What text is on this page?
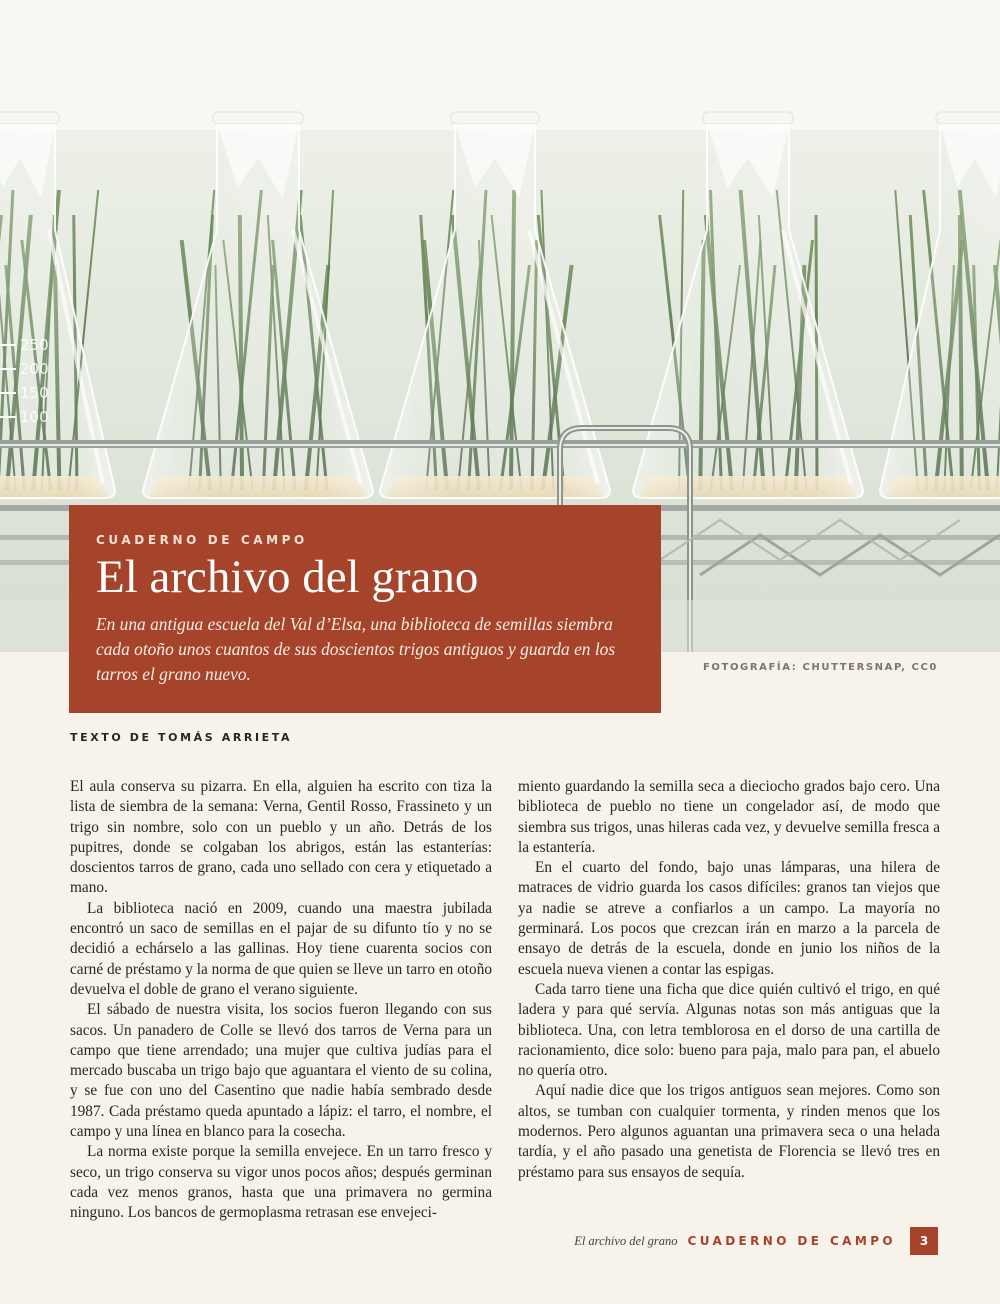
250
200
150
100
FOTOGRAFÍA: CHUTTERSNAP, CC0
CUADERNO DE CAMPO
El archivo del grano
En una antigua escuela del Val d’Elsa, una biblioteca de semillas siembra cada otoño unos cuantos de sus doscientos trigos antiguos y guarda en los tarros el grano nuevo.
TEXTO DE TOMÁS ARRIETA

El aula conserva su pizarra. En ella, alguien ha escrito con tiza la lista de siembra de la semana: Verna, Gentil Rosso, Frassineto y un trigo sin nombre, solo con un pueblo y un año. Detrás de los pupitres, donde se colgaban los abrigos, están las estanterías: doscientos tarros de grano, cada uno sellado con cera y etiquetado a mano.

La biblioteca nació en 2009, cuando una maestra jubilada encontró un saco de semillas en el pajar de su difunto tío y no se decidió a echárselo a las gallinas. Hoy tiene cuarenta socios con carné de préstamo y la norma de que quien se lleve un tarro en otoño devuelva el doble de grano el verano siguiente.

El sábado de nuestra visita, los socios fueron llegando con sus sacos. Un panadero de Colle se llevó dos tarros de Verna para un campo que tiene arrendado; una mujer que cultiva judías para el mercado buscaba un trigo bajo que aguantara el viento de su colina, y se fue con uno del Casentino que nadie había sembrado desde 1987. Cada préstamo queda apuntado a lápiz: el tarro, el nombre, el campo y una línea en blanco para la cosecha.

La norma existe porque la semilla envejece. En un tarro fresco y seco, un trigo conserva su vigor unos pocos años; después germinan cada vez menos granos, hasta que una primavera no germina ninguno. Los bancos de germoplasma retrasan ese envejeci-

miento guardando la semilla seca a dieciocho grados bajo cero. Una biblioteca de pueblo no tiene un congelador así, de modo que siembra sus trigos, unas hileras cada vez, y devuelve semilla fresca a la estantería.

En el cuarto del fondo, bajo unas lámparas, una hilera de matraces de vidrio guarda los casos difíciles: granos tan viejos que ya nadie se atreve a confiarlos a un campo. La mayoría no germinará. Los pocos que crezcan irán en marzo a la parcela de ensayo de detrás de la escuela, donde en junio los niños de la escuela nueva vienen a contar las espigas.

Cada tarro tiene una ficha que dice quién cultivó el trigo, en qué ladera y para qué servía. Algunas notas son más antiguas que la biblioteca. Una, con letra temblorosa en el dorso de una cartilla de racionamiento, dice solo: bueno para paja, malo para pan, el abuelo no quería otro.

Aquí nadie dice que los trigos antiguos sean mejores. Como son altos, se tumban con cualquier tormenta, y rinden menos que los modernos. Pero algunos aguantan una primavera seca o una helada tardía, y el año pasado una genetista de Florencia se llevó tres en préstamo para sus ensayos de sequía.

El archivo del grano CUADERNO DE CAMPO	3
